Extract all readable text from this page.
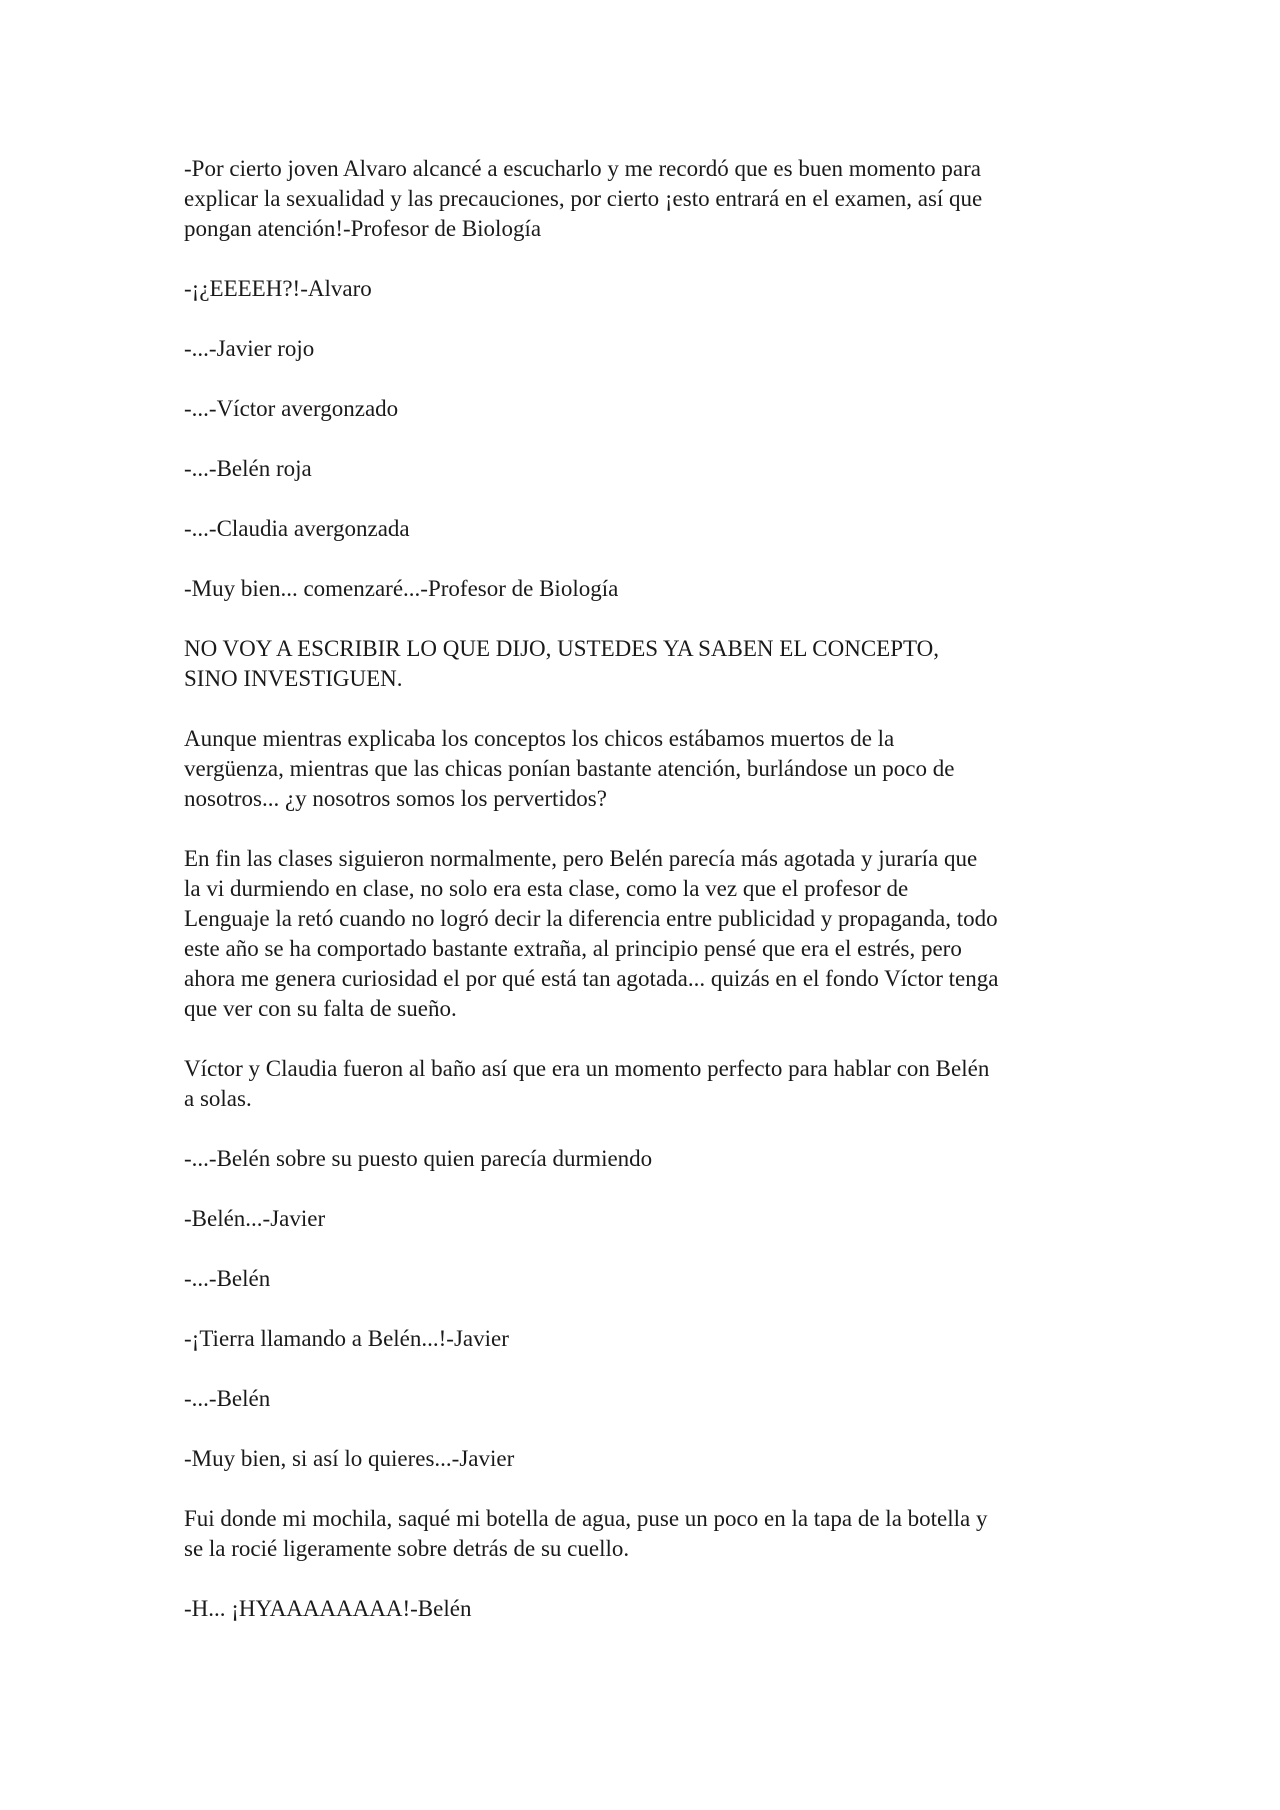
-Por cierto joven Alvaro alcancé a escucharlo y me recordó que es buen momento para
explicar la sexualidad y las precauciones, por cierto ¡esto entrará en el examen, así que
pongan atención!-Profesor de Biología

-¡¿EEEEH?!-Alvaro

-...-Javier rojo

-...-Víctor avergonzado

-...-Belén roja

-...-Claudia avergonzada

-Muy bien... comenzaré...-Profesor de Biología

NO VOY A ESCRIBIR LO QUE DIJO, USTEDES YA SABEN EL CONCEPTO,
SINO INVESTIGUEN.

Aunque mientras explicaba los conceptos los chicos estábamos muertos de la
vergüenza, mientras que las chicas ponían bastante atención, burlándose un poco de
nosotros... ¿y nosotros somos los pervertidos?

En fin las clases siguieron normalmente, pero Belén parecía más agotada y juraría que
la vi durmiendo en clase, no solo era esta clase, como la vez que el profesor de
Lenguaje la retó cuando no logró decir la diferencia entre publicidad y propaganda, todo
este año se ha comportado bastante extraña, al principio pensé que era el estrés, pero
ahora me genera curiosidad el por qué está tan agotada... quizás en el fondo Víctor tenga
que ver con su falta de sueño.

Víctor y Claudia fueron al baño así que era un momento perfecto para hablar con Belén
a solas.

-...-Belén sobre su puesto quien parecía durmiendo

-Belén...-Javier

-...-Belén

-¡Tierra llamando a Belén...!-Javier

-...-Belén

-Muy bien, si así lo quieres...-Javier

Fui donde mi mochila, saqué mi botella de agua, puse un poco en la tapa de la botella y
se la rocié ligeramente sobre detrás de su cuello.

-H... ¡HYAAAAAAAA!-Belén
